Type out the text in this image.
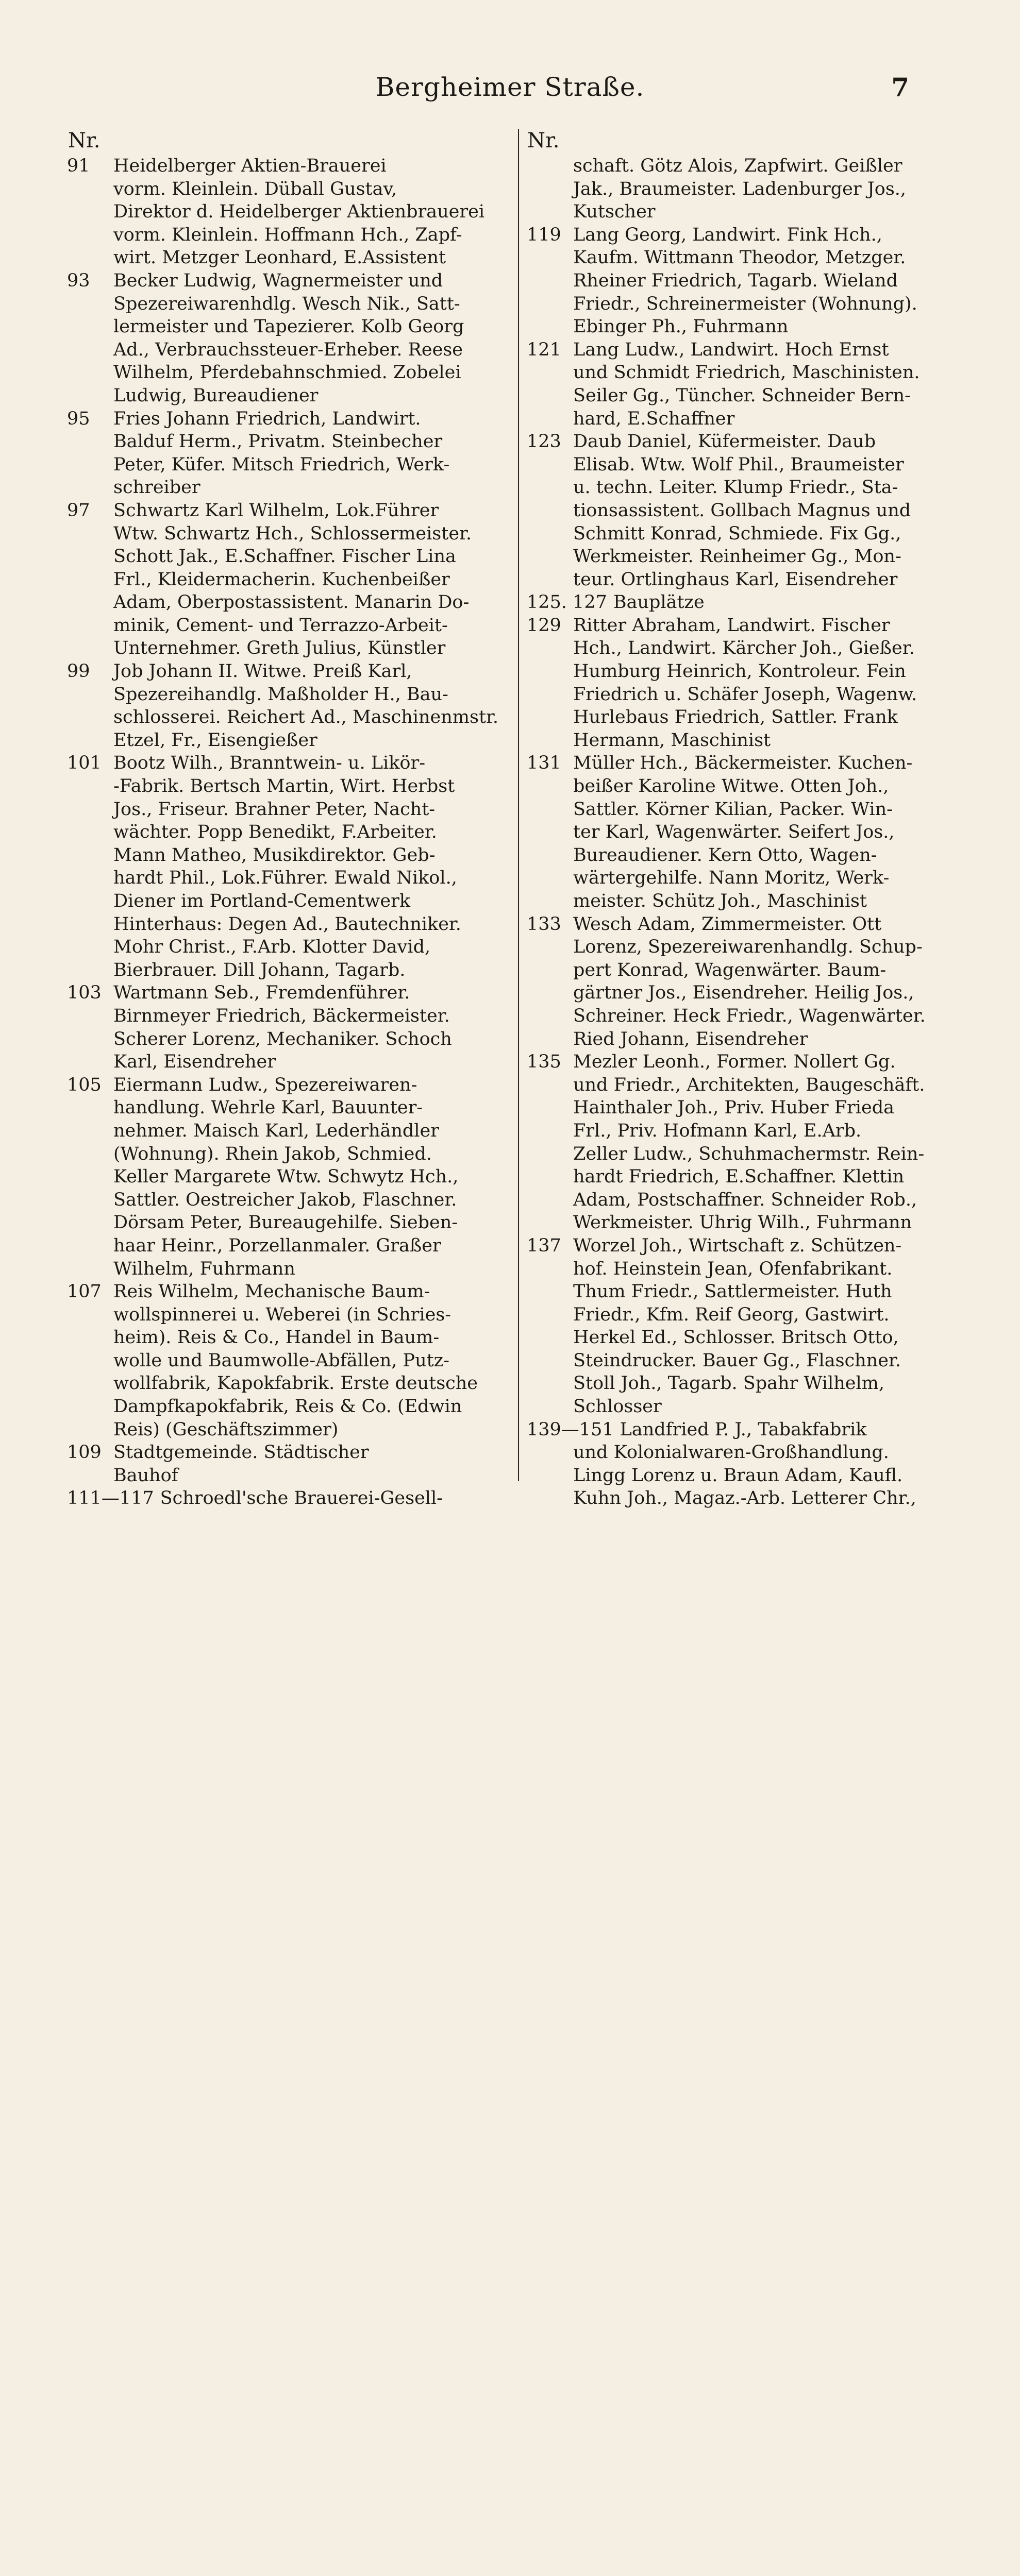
Bergheimer Straße.	7
Nr.	Nr.
91	Heidelberger Aktien-Brauerei
vorm. Kleinlein. Düball Gustav,
Direktor d. Heidelberger Aktienbrauerei
vorm. Kleinlein. Hoffmann Hch., Zapf-
wirt. Metzger Leonhard, E.Assistent
93	Becker Ludwig, Wagnermeister und
Spezereiwarenhdlg. Wesch Nik., Satt-
lermeister und Tapezierer. Kolb Georg
Ad., Verbrauchssteuer-Erheber. Reese
Wilhelm, Pferdebahnschmied. Zobelei
Ludwig, Bureaudiener
95	Fries Johann Friedrich, Landwirt.
Balduf Herm., Privatm. Steinbecher
Peter, Küfer. Mitsch Friedrich, Werk-
schreiber
97	Schwartz Karl Wilhelm, Lok.Führer
Wtw. Schwartz Hch., Schlossermeister.
Schott Jak., E.Schaffner. Fischer Lina
Frl., Kleidermacherin. Kuchenbeißer
Adam, Oberpostassistent. Manarin Do-
minik, Cement- und Terrazzo-Arbeit-
Unternehmer. Greth Julius, Künstler
99	Job Johann II. Witwe. Preiß Karl,
Spezereihandlg. Maßholder H., Bau-
schlosserei. Reichert Ad., Maschinenmstr.
Etzel, Fr., Eisengießer
101 Bootz Wilh., Branntwein- u. Likör-
-Fabrik. Bertsch Martin, Wirt. Herbst
Jos., Friseur. Brahner Peter, Nacht-
wächter. Popp Benedikt, F.Arbeiter.
Mann Matheo, Musikdirektor. Geb-
hardt Phil., Lok.Führer. Ewald Nikol.,
Diener im Portland-Cementwerk
Hinterhaus: Degen Ad., Bautechniker.
Mohr Christ., F.Arb. Klotter David,
Bierbrauer. Dill Johann, Tagarb.
103 Wartmann Seb., Fremdenführer.
Birnmeyer Friedrich, Bäckermeister.
Scherer Lorenz, Mechaniker. Schoch
Karl, Eisendreher
105 Eiermann Ludw., Spezereiwaren-
handlung. Wehrle Karl, Bauunter-
nehmer. Maisch Karl, Lederhändler
(Wohnung). Rhein Jakob, Schmied.
Keller Margarete Wtw. Schwytz Hch.,
Sattler. Oestreicher Jakob, Flaschner.
Dörsam Peter, Bureaugehilfe. Sieben-
haar Heinr., Porzellanmaler. Graßer
Wilhelm, Fuhrmann
107 Reis Wilhelm, Mechanische Baum-
wollspinnerei u. Weberei (in Schries-
heim). Reis & Co., Handel in Baum-
wolle und Baumwolle-Abfällen, Putz-
wollfabrik, Kapokfabrik. Erste deutsche
Dampfkapokfabrik, Reis & Co. (Edwin
Reis) (Geschäftszimmer)
109 Stadtgemeinde. Städtischer
Bauhof
111—117 Schroedl'sche Brauerei-Gesell-

schaft. Götz Alois, Zapfwirt. Geißler
Jak., Braumeister. Ladenburger Jos.,
Kutscher
119 Lang Georg, Landwirt. Fink Hch.,
Kaufm. Wittmann Theodor, Metzger.
Rheiner Friedrich, Tagarb. Wieland
Friedr., Schreinermeister (Wohnung).
Ebinger Ph., Fuhrmann
121 Lang Ludw., Landwirt. Hoch Ernst
und Schmidt Friedrich, Maschinisten.
Seiler Gg., Tüncher. Schneider Bern-
hard, E.Schaffner
123 Daub Daniel, Küfermeister. Daub
Elisab. Wtw. Wolf Phil., Braumeister
u. techn. Leiter. Klump Friedr., Sta-
tionsassistent. Gollbach Magnus und
Schmitt Konrad, Schmiede. Fix Gg.,
Werkmeister. Reinheimer Gg., Mon-
teur. Ortlinghaus Karl, Eisendreher
125. 127 Bauplätze

129 Ritter Abraham, Landwirt. Fischer
Hch., Landwirt. Kärcher Joh., Gießer.
Humburg Heinrich, Kontroleur. Fein
Friedrich u. Schäfer Joseph, Wagenw.
Hurlebaus Friedrich, Sattler. Frank
Hermann, Maschinist
131 Müller Hch., Bäckermeister. Kuchen-
beißer Karoline Witwe. Otten Joh.,
Sattler. Körner Kilian, Packer. Win-
ter Karl, Wagenwärter. Seifert Jos.,
Bureaudiener. Kern Otto, Wagen-
wärtergehilfe. Nann Moritz, Werk-
meister. Schütz Joh., Maschinist
133 Wesch Adam, Zimmermeister. Ott
Lorenz, Spezereiwarenhandlg. Schup-
pert Konrad, Wagenwärter. Baum-
gärtner Jos., Eisendreher. Heilig Jos.,
Schreiner. Heck Friedr., Wagenwärter.
Ried Johann, Eisendreher
135 Mezler Leonh., Former. Nollert Gg.
und Friedr., Architekten, Baugeschäft.
Hainthaler Joh., Priv. Huber Frieda
Frl., Priv. Hofmann Karl, E.Arb.
Zeller Ludw., Schuhmachermstr. Rein-
hardt Friedrich, E.Schaffner. Klettin
Adam, Postschaffner. Schneider Rob.,
Werkmeister. Uhrig Wilh., Fuhrmann
137 Worzel Joh., Wirtschaft z. Schützen-
hof. Heinstein Jean, Ofenfabrikant.
Thum Friedr., Sattlermeister. Huth
Friedr., Kfm. Reif Georg, Gastwirt.
Herkel Ed., Schlosser. Britsch Otto,
Steindrucker. Bauer Gg., Flaschner.
Stoll Joh., Tagarb. Spahr Wilhelm,
Schlosser
139—151 Landfried P. J., Tabakfabrik

und Kolonialwaren-Großhandlung.
Lingg Lorenz u. Braun Adam, Kaufl.
Kuhn Joh., Magaz.-Arb. Letterer Chr.,
